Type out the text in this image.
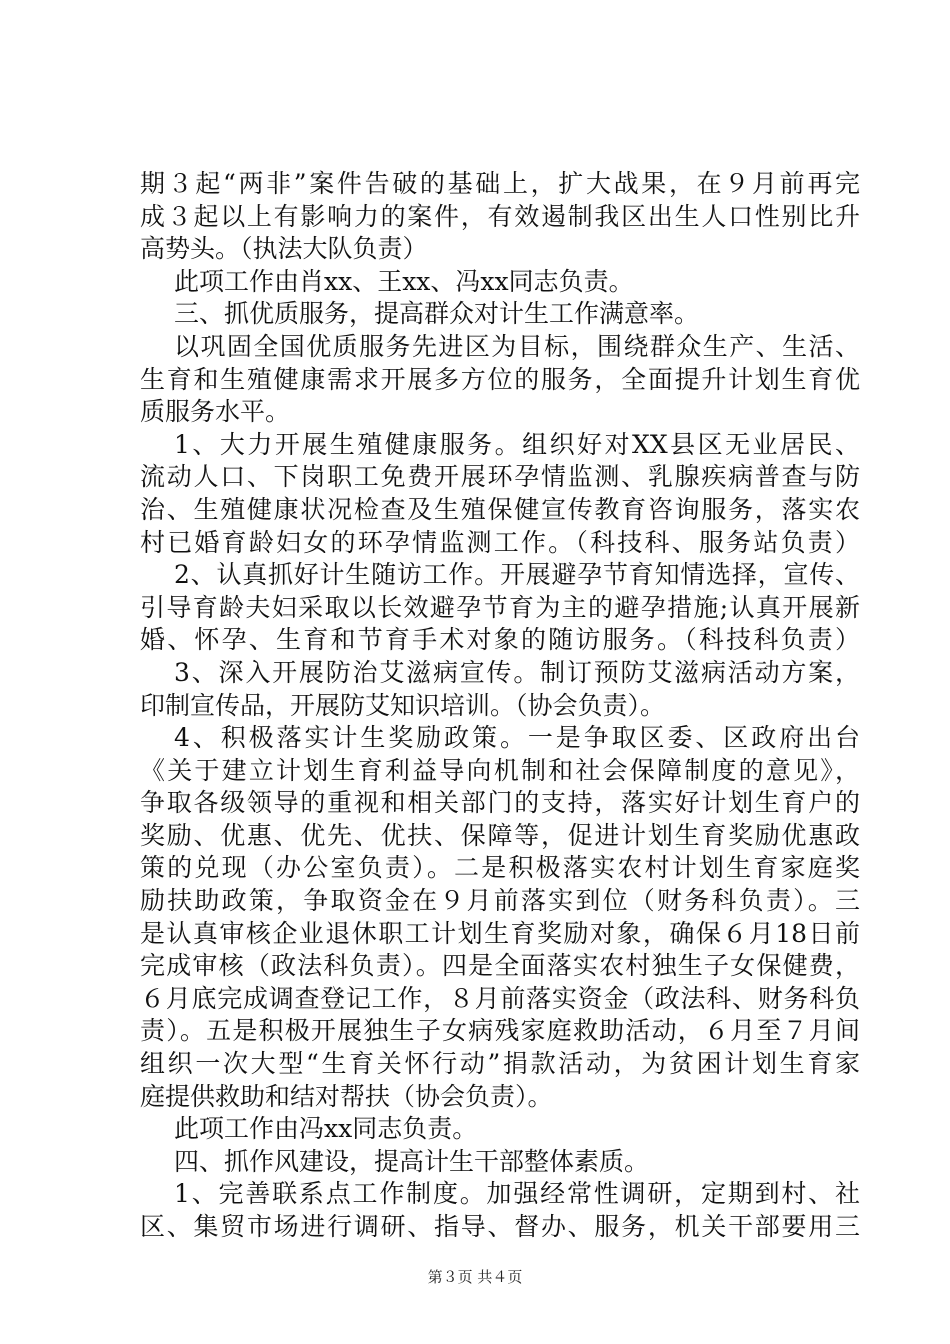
期３起“两非”案件告破的基础上，扩大战果，在９月前再完
成３起以上有影响力的案件，有效遏制我区出生人口性别比升
高势头。（执法大队负责）
此项工作由肖xx、王xx、冯xx同志负责。
三、抓优质服务，提高群众对计生工作满意率。
以巩固全国优质服务先进区为目标，围绕群众生产、生活、
生育和生殖健康需求开展多方位的服务，全面提升计划生育优
质服务水平。
1、大力开展生殖健康服务。组织好对XX县区无业居民、
流动人口、下岗职工免费开展环孕情监测、乳腺疾病普查与防
治、生殖健康状况检查及生殖保健宣传教育咨询服务，落实农
村已婚育龄妇女的环孕情监测工作。（科技科、服务站负责）
2、认真抓好计生随访工作。开展避孕节育知情选择，宣传、
引导育龄夫妇采取以长效避孕节育为主的避孕措施;认真开展新
婚、怀孕、生育和节育手术对象的随访服务。（科技科负责）
3、深入开展防治艾滋病宣传。制订预防艾滋病活动方案，
印制宣传品，开展防艾知识培训。（协会负责）。
4、积极落实计生奖励政策。一是争取区委、区政府出台
《关于建立计划生育利益导向机制和社会保障制度的意见》，
争取各级领导的重视和相关部门的支持，落实好计划生育户的
奖励、优惠、优先、优扶、保障等，促进计划生育奖励优惠政
策的兑现（办公室负责）。二是积极落实农村计划生育家庭奖
励扶助政策，争取资金在９月前落实到位（财务科负责）。三
是认真审核企业退休职工计划生育奖励对象，确保６月18日前
完成审核（政法科负责）。四是全面落实农村独生子女保健费，
６月底完成调查登记工作，８月前落实资金（政法科、财务科负
责）。五是积极开展独生子女病残家庭救助活动，６月至７月间
组织一次大型“生育关怀行动”捐款活动，为贫困计划生育家
庭提供救助和结对帮扶（协会负责）。
此项工作由冯xx同志负责。
四、抓作风建设，提高计生干部整体素质。
1、完善联系点工作制度。加强经常性调研，定期到村、社
区、集贸市场进行调研、指导、督办、服务，机关干部要用三
第３页 共４页
